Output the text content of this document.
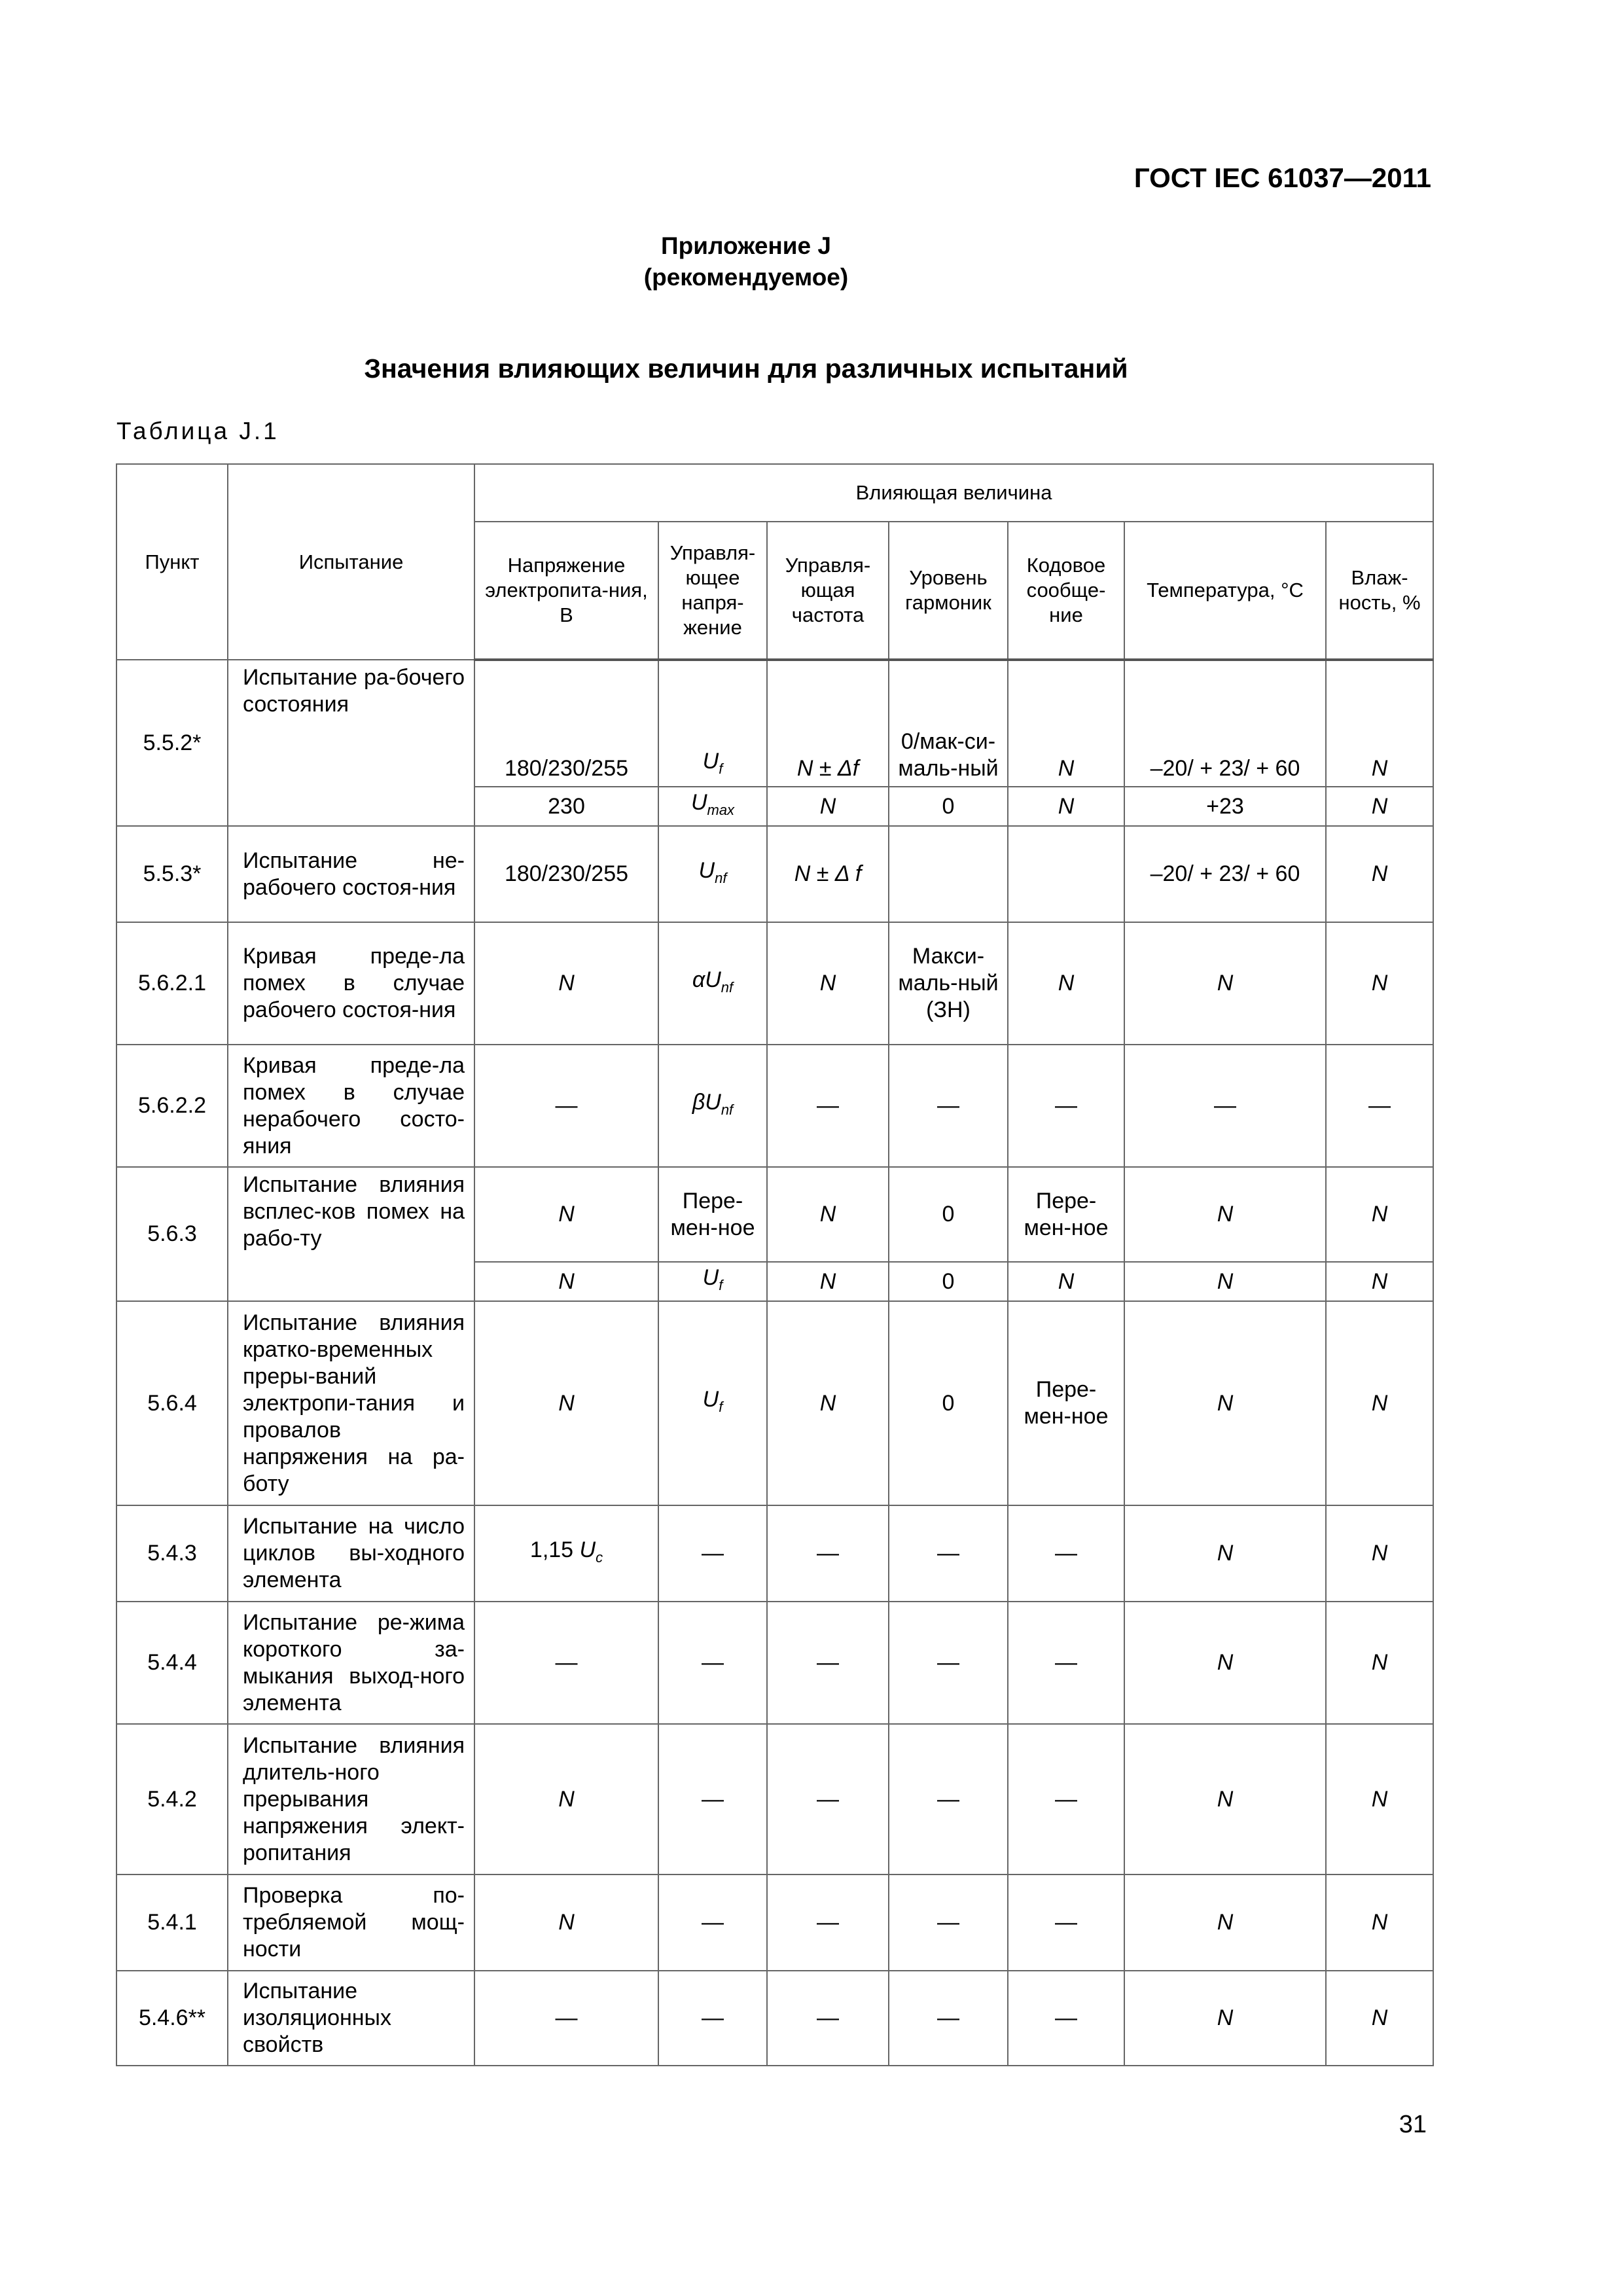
ГОСТ IEC 61037—2011
Приложение J
(рекомендуемое)
Значения влияющих величин для различных испытаний
Таблица J.1
Пункт	Испытание	Влияющая величина						
		Напряжение электропита-ния, В	Управля-ющее напря-жение	Управля-ющая частота	Уровень гармоник	Кодовое сообще-ние	Температура, °С	Влаж-ность, %
5.5.2*	Испытание ра-бочего состояния	180/230/255	$U_f$	N ± Δf	0/мак-си-маль-ный	N	–20/ + 23/ + 60	N
		230	$U_{max}$	N	0	N	+23	N
5.5.3*	Испытание не-рабочего состоя-ния	180/230/255	$U_{nf}$	N ± Δ f			–20/ + 23/ + 60	N
5.6.2.1	Кривая преде-ла помех в случае рабочего состоя-ния	N	$\alpha U_{nf}$	N	Макси-маль-ный (ЗН)	N	N	N
5.6.2.2	Кривая преде-ла помех в случае нерабочего состо-яния	—	$\beta U_{nf}$	—	—	—	—	—
5.6.3	Испытание влияния всплес-ков помех на рабо-ту	N	Пере-мен-ное	N	0	Пере-мен-ное	N	N
		N	$U_f$	N	0	N	N	N
5.6.4	Испытание влияния кратко-временных преры-ваний электропи-тания и провалов напряжения на ра-боту	N	$U_f$	N	0	Пере-мен-ное	N	N
5.4.3	Испытание на число циклов вы-ходного элемента	1,15 $U_c$	—	—	—	—	N	N
5.4.4	Испытание ре-жима короткого за-мыкания выход-ного элемента	—	—	—	—	—	N	N
5.4.2	Испытание влияния длитель-ного прерывания напряжения элект-ропитания	N	—	—	—	—	N	N
5.4.1	Проверка по-требляемой мощ-ности	N	—	—	—	—	N	N
5.4.6**	Испытание изоляционных свойств	—	—	—	—	—	N	N
31
